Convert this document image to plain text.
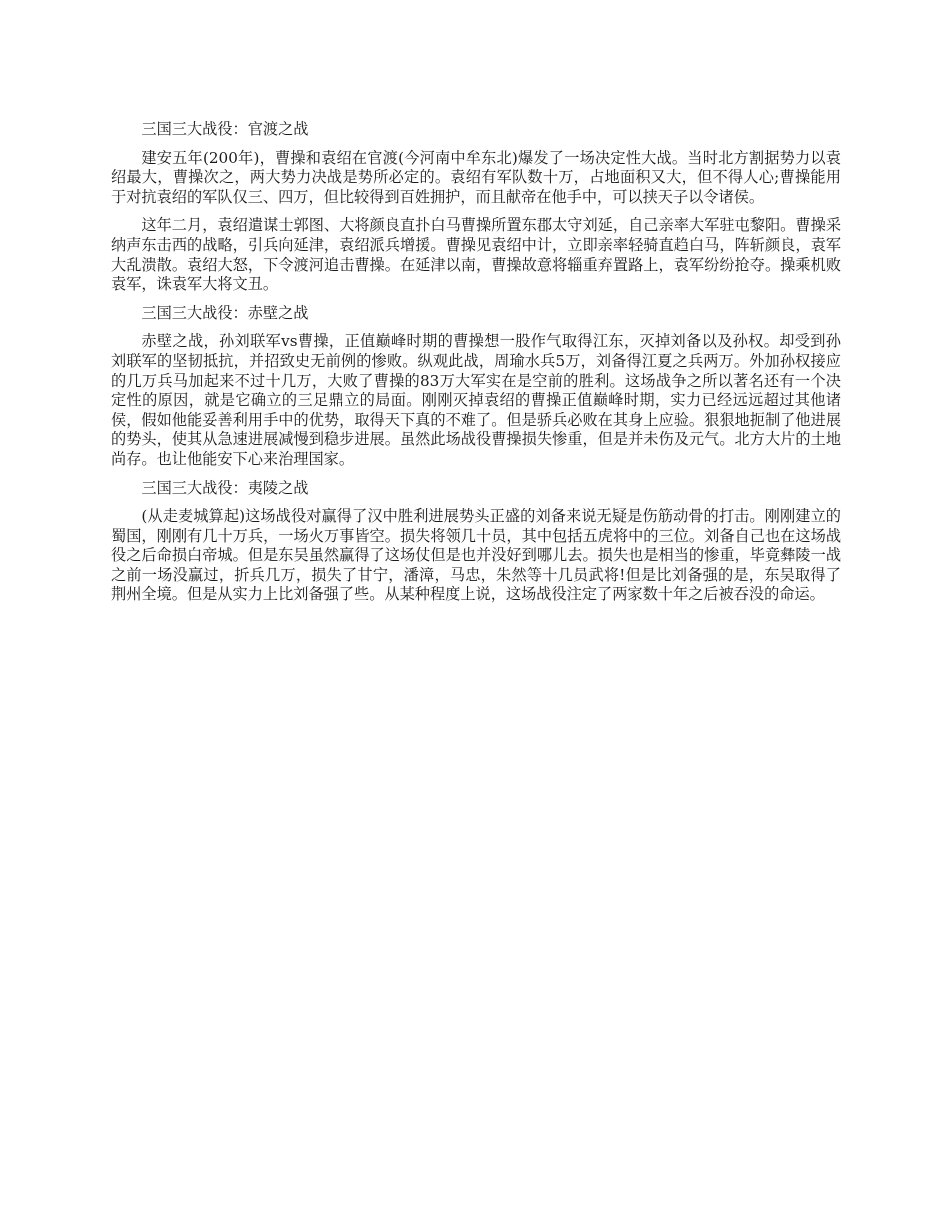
三国三大战役：官渡之战

建安五年(200年)，曹操和袁绍在官渡(今河南中牟东北)爆发了一场决定性大战。当时北方割据势力以袁绍最大，曹操次之，两大势力决战是势所必定的。袁绍有军队数十万，占地面积又大，但不得人心;曹操能用于对抗袁绍的军队仅三、四万，但比较得到百姓拥护，而且献帝在他手中，可以挟天子以令诸侯。

这年二月，袁绍遣谋士郭图、大将颜良直扑白马曹操所置东郡太守刘延，自己亲率大军驻屯黎阳。曹操采纳声东击西的战略，引兵向延津，袁绍派兵增援。曹操见袁绍中计，立即亲率轻骑直趋白马，阵斩颜良，袁军大乱溃散。袁绍大怒，下令渡河追击曹操。在延津以南，曹操故意将辎重弃置路上，袁军纷纷抢夺。操乘机败袁军，诛袁军大将文丑。

三国三大战役：赤壁之战

赤壁之战，孙刘联军vs曹操，正值巅峰时期的曹操想一股作气取得江东，灭掉刘备以及孙权。却受到孙刘联军的坚韧抵抗，并招致史无前例的惨败。纵观此战，周瑜水兵5万，刘备得江夏之兵两万。外加孙权接应的几万兵马加起来不过十几万，大败了曹操的83万大军实在是空前的胜利。这场战争之所以著名还有一个决定性的原因，就是它确立的三足鼎立的局面。刚刚灭掉袁绍的曹操正值巅峰时期，实力已经远远超过其他诸侯，假如他能妥善利用手中的优势，取得天下真的不难了。但是骄兵必败在其身上应验。狠狠地扼制了他进展的势头，使其从急速进展减慢到稳步进展。虽然此场战役曹操损失惨重，但是并未伤及元气。北方大片的土地尚存。也让他能安下心来治理国家。

三国三大战役：夷陵之战

(从走麦城算起)这场战役对赢得了汉中胜利进展势头正盛的刘备来说无疑是伤筋动骨的打击。刚刚建立的蜀国，刚刚有几十万兵，一场火万事皆空。损失将领几十员，其中包括五虎将中的三位。刘备自己也在这场战役之后命损白帝城。但是东吴虽然赢得了这场仗但是也并没好到哪儿去。损失也是相当的惨重，毕竟彝陵一战之前一场没赢过，折兵几万，损失了甘宁，潘漳，马忠，朱然等十几员武将!但是比刘备强的是，东吴取得了荆州全境。但是从实力上比刘备强了些。从某种程度上说，这场战役注定了两家数十年之后被吞没的命运。
